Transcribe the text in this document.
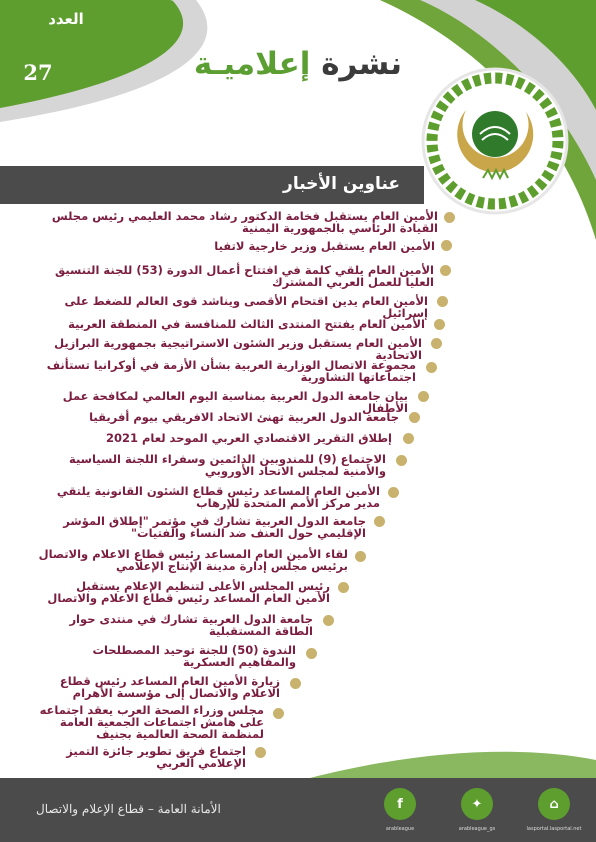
العدد
27	نشرة إعلاميـة
عناوين الأخبار
الأمين العام يستقبل فخامة الدكتور رشاد محمد العليمي رئيس مجلس القيادة الرئاسي بالجمهورية اليمنية
الأمين العام يستقبل وزير خارجية لاتفيا
الأمين العام يلقي كلمة في افتتاح أعمال الدورة (53) للجنة التنسيق العليا للعمل العربي المشترك
الأمين العام يدين اقتحام الأقصى ويناشد قوى العالم للضغط على إسرائيل
الأمين العام يفتتح المنتدى الثالث للمنافسة في المنطقة العربية
الأمين العام يستقبل وزير الشئون الاستراتيجية بجمهورية البرازيل الاتحادية
مجموعة الاتصال الوزارية العربية بشأن الأزمة في أوكرانيا تستأنف اجتماعاتها التشاورية
بيان جامعة الدول العربية بمناسبة اليوم العالمي لمكافحة عمل الأطفال
جامعة الدول العربية تهنئ الاتحاد الافريقي بيوم أفريقيا
إطلاق التقرير الاقتصادي العربي الموحد لعام 2021
الاجتماع (9) للمندوبين الدائمين وسفراء اللجنة السياسية والأمنية لمجلس الاتحاد الأوروبي
الأمين العام المساعد رئيس قطاع الشئون القانونية يلتقي مدير مركز الأمم المتحدة للإرهاب
جامعة الدول العربية تشارك في مؤتمر "إطلاق المؤشر الإقليمي حول العنف ضد النساء والفتيات"
لقاء الأمين العام المساعد رئيس قطاع الاعلام والاتصال برئيس مجلس إدارة مدينة الإنتاج الإعلامي
رئيس المجلس الأعلى لتنظيم الإعلام يستقبل الأمين العام المساعد رئيس قطاع الاعلام والاتصال
جامعة الدول العربية تشارك في منتدى حوار الطاقة المستقبلية
الندوة (50) للجنة توحيد المصطلحات والمفاهيم العسكرية
زيارة الأمين العام المساعد رئيس قطاع الاعلام والاتصال إلى مؤسسة الأهرام
مجلس وزراء الصحة العرب يعقد اجتماعه على هامش اجتماعات الجمعية العامة لمنظمة الصحة العالمية بجنيف
اجتماع فريق تطوير جائزة التميز الإعلامي العربي
الأمانة العامة – قطاع الإعلام والاتصال	⌂
lasportal.lasportal.net
✦
arableague_gs
f
arableague
